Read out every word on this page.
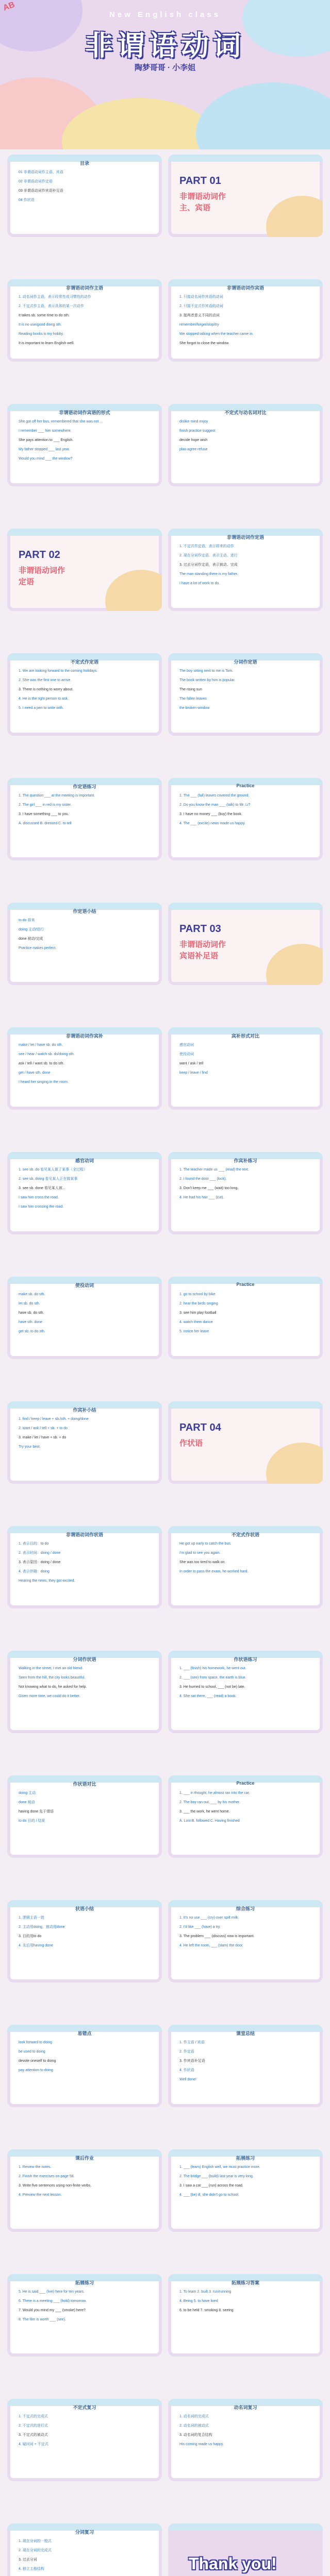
AB
New English class
非谓语动词
陶梦哥哥 · 小李姐
目录
01 非谓语动词作主语、宾语
02 非谓语动词作定语
03 非谓语动词作宾语补足语
04 作状语
PART 01
非谓语动词作
主、宾语
非谓语动词作主语
1. 动名词作主语，表示经常性或习惯性的动作
2. 不定式作主语，表示具体的某一次动作
It takes sb. some time to do sth.
It is no use/good doing sth.
Reading books is my hobby.
It is important to learn English well.
非谓语动词作宾语
1. 只接动名词作宾语的动词
2. 只接不定式作宾语的动词
3. 接两者意义不同的动词
remember/forget/stop/try
We stopped talking when the teacher came in.
She forgot to close the window.
非谓语动词作宾语的形式
She got off her bus, remembered that she was not ...
I remember ___ him somewhere.
She pays attention to ___ English.
My father stopped ___ last year.
Would you mind ___ the window?
不定式与动名词对比
dislike mind enjoy
finish practice suggest
decide hope wish
plan agree refuse
PART 02
非谓语动词作
定语
非谓语动词作定语
1. 不定式作定语，表示将来的动作
2. 现在分词作定语，表示主动、进行
3. 过去分词作定语，表示被动、完成
The man standing there is my father.
I have a lot of work to do.
不定式作定语
1. We are looking forward to the coming holidays.
2. She was the first one to arrive.
3. There is nothing to worry about.
4. He is the right person to ask.
5. I need a pen to write with.
分词作定语
The boy sitting next to me is Tom.
The book written by him is popular.
The rising sun
The fallen leaves
the broken window
作定语练习
1. The question ___ at the meeting is important.
2. The girl ___ in red is my sister.
3. I have something ___ to you.
A. discussed B. dressed C. to tell
Practice
1. The ___ (fall) leaves covered the ground.
2. Do you know the man ___ (talk) to Mr. Li?
3. I have no money ___ (buy) the book.
4. The ___ (excite) news made us happy.
作定语小结
to do 将来
doing 主动/进行
done 被动/完成
Practice makes perfect.
PART 03
非谓语动词作
宾语补足语
非谓语动词作宾补
make / let / have sb. do sth.
see / hear / watch sb. do/doing sth.
ask / tell / want sb. to do sth.
get / have sth. done
I heard her singing in the room.
宾补形式对比
感官动词
使役动词
want / ask / tell
keep / leave / find
感官动词
1. see sb. do 看见某人做了某事（全过程）
2. see sb. doing 看见某人正在做某事
3. see sb. done 看见某人被...
I saw him cross the road.
I saw him crossing the road.
作宾补练习
1. The teacher made us ___ (read) the text.
2. I found the door ___ (lock).
3. Don't keep me ___ (wait) too long.
4. He had his hair ___ (cut).
使役动词
make sb. do sth.
let sb. do sth.
have sb. do sth.
have sth. done
get sb. to do sth.
Practice
1. go to school by bike
2. hear the birds singing
3. see him play football
4. watch them dance
5. notice her leave
作宾补小结
1. find / keep / leave + sb./sth. + doing/done
2. want / ask / tell + sb. + to do
3. make / let / have + sb. + do
Try your best.
PART 04
作状语
非谓语动词作状语
1. 表示目的：to do
2. 表示时间：doing / done
3. 表示原因：doing / done
4. 表示伴随：doing
Hearing the news, they got excited.
不定式作状语
He got up early to catch the bus.
I'm glad to see you again.
She was too tired to walk on.
In order to pass the exam, he worked hard.
分词作状语
Walking in the street, I met an old friend.
Seen from the hill, the city looks beautiful.
Not knowing what to do, he asked for help.
Given more time, we could do it better.
作状语练习
1. ___ (finish) his homework, he went out.
2. ___ (see) from space, the earth is blue.
3. He hurried to school, ___ (not be) late.
4. She sat there, ___ (read) a book.
作状语对比
doing 主动
done 被动
having done 先于谓语
to do 目的 / 结果
Practice
1. ___ in thought, he almost ran into the car.
2. The boy ran out, ___ by his mother.
3. ___ the work, he went home.
A. Lost B. followed C. Having finished
状语小结
1. 逻辑主语一致
2. 主动用doing，被动用done
3. 目的用to do
4. 先后用having done
综合练习
1. It's no use ___ (cry) over spilt milk.
2. I'd like ___ (have) a try.
3. The problem ___ (discuss) now is important.
4. He left the room, ___ (slam) the door.
易错点
look forward to doing
be used to doing
devote oneself to doing
pay attention to doing
课堂总结
1. 作主语 / 宾语
2. 作定语
3. 作宾语补足语
4. 作状语
Well done!
课后作业
1. Review the notes.
2. Finish the exercises on page 58.
3. Write five sentences using non-finite verbs.
4. Preview the next lesson.
拓展练习
1. ___ (learn) English well, we must practice more.
2. The bridge ___ (build) last year is very long.
3. I saw a cat ___ (run) across the road.
4. ___ (be) ill, she didn't go to school.
拓展练习
5. He is said ___ (live) here for ten years.
6. There is a meeting ___ (hold) tomorrow.
7. Would you mind my ___ (smoke) here?
8. The film is worth ___ (see).
拓展练习答案
1. To learn 2. built 3. run/running
4. Being 5. to have lived
6. to be held 7. smoking 8. seeing
不定式复习
1. 不定式的完成式
2. 不定式的进行式
3. 不定式的被动式
4. 疑问词 + 不定式
动名词复习
1. 动名词的完成式
2. 动名词的被动式
3. 动名词的复合结构
His coming made us happy.
分词复习
1. 现在分词的一般式
2. 现在分词的完成式
3. 过去分词
4. 独立主格结构	Thank you!
